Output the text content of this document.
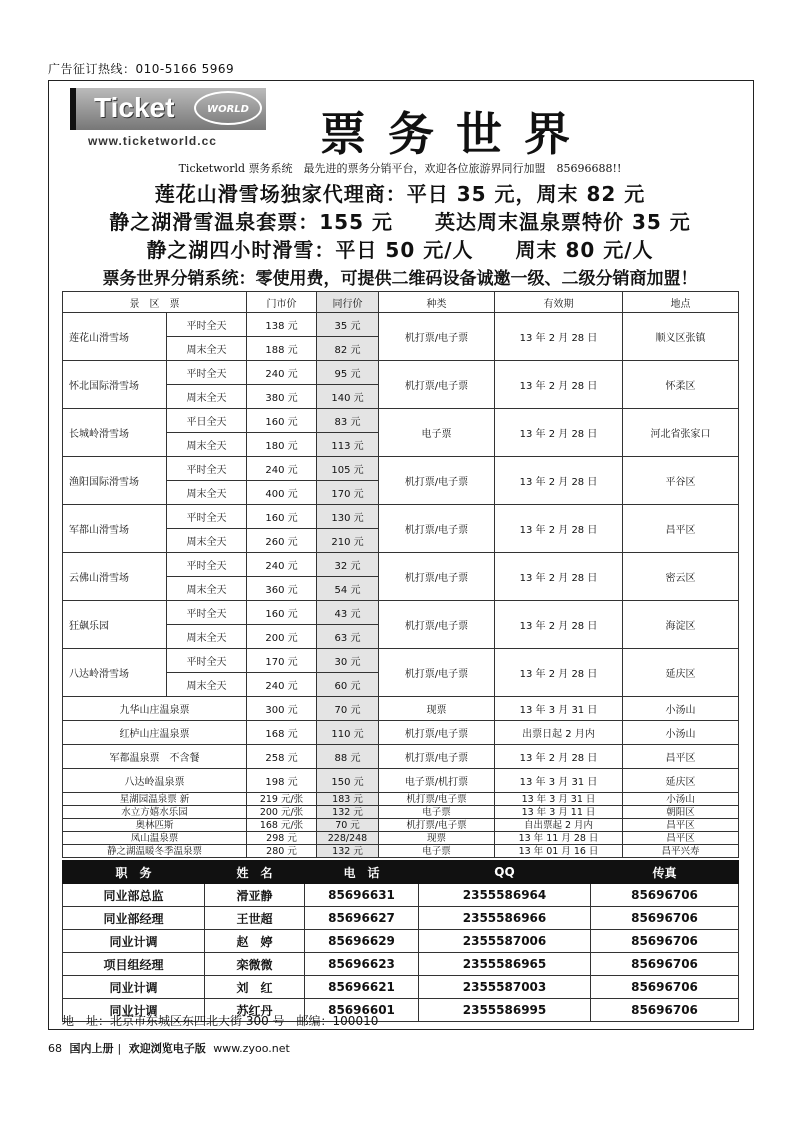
广告征订热线：010-5166 5969
Ticket	WORLD
www.ticketworld.cc 票务世界
Ticketworld 票务系统　最先进的票务分销平台，欢迎各位旅游界同行加盟　85696688!!
莲花山滑雪场独家代理商：平日 35 元，周末 82 元
静之湖滑雪温泉套票：155 元　　英达周末温泉票特价 35 元
静之湖四小时滑雪：平日 50 元/人　　周末 80 元/人
票务世界分销系统：零使用费，可提供二维码设备诚邀一级、二级分销商加盟！
景　区　票		门市价	同行价	种类	有效期	地点
莲花山滑雪场	平时全天	138 元	35 元	机打票/电子票	13 年 2 月 28 日	顺义区张镇
	周末全天	188 元	82 元			
怀北国际滑雪场	平时全天	240 元	95 元	机打票/电子票	13 年 2 月 28 日	怀柔区
	周末全天	380 元	140 元			
长城岭滑雪场	平日全天	160 元	83 元	电子票	13 年 2 月 28 日	河北省张家口
	周末全天	180 元	113 元			
渔阳国际滑雪场	平时全天	240 元	105 元	机打票/电子票	13 年 2 月 28 日	平谷区
	周末全天	400 元	170 元			
军都山滑雪场	平时全天	160 元	130 元	机打票/电子票	13 年 2 月 28 日	昌平区
	周末全天	260 元	210 元			
云佛山滑雪场	平时全天	240 元	32 元	机打票/电子票	13 年 2 月 28 日	密云区
	周末全天	360 元	54 元			
狂飙乐园	平时全天	160 元	43 元	机打票/电子票	13 年 2 月 28 日	海淀区
	周末全天	200 元	63 元			
八达岭滑雪场	平时全天	170 元	30 元	机打票/电子票	13 年 2 月 28 日	延庆区
	周末全天	240 元	60 元			
九华山庄温泉票		300 元	70 元	现票	13 年 3 月 31 日	小汤山
红栌山庄温泉票		168 元	110 元	机打票/电子票	出票日起 2 月内	小汤山
军都温泉票　不含餐		258 元	88 元	机打票/电子票	13 年 2 月 28 日	昌平区
八达岭温泉票		198 元	150 元	电子票/机打票	13 年 3 月 31 日	延庆区
星湖园温泉票 新		219 元/张	183 元	机打票/电子票	13 年 3 月 31 日	小汤山
水立方嬉水乐园		200 元/张	132 元	电子票	13 年 3 月 11 日	朝阳区
奥林匹斯		168 元/张	70 元	机打票/电子票	自出票起 2 月内	昌平区
凤山温泉票		298 元	228/248	现票	13 年 11 月 28 日	昌平区
静之湖温暖冬季温泉票		280 元	132 元	电子票	13 年 01 月 16 日	昌平兴寿
职　务	姓　名	电　话	QQ	传真
同业部总监	滑亚静	85696631	2355586964	85696706
同业部经理	王世超	85696627	2355586966	85696706
同业计调	赵　婷	85696629	2355587006	85696706
项目组经理	栾微微	85696623	2355586965	85696706
同业计调	刘　红	85696621	2355587003	85696706
同业计调	苏红丹	85696601	2355586995	85696706
地　址：北京市东城区东四北大街 300 号　邮编：100010
68 国内上册 | 欢迎浏览电子版 www.zyoo.net
